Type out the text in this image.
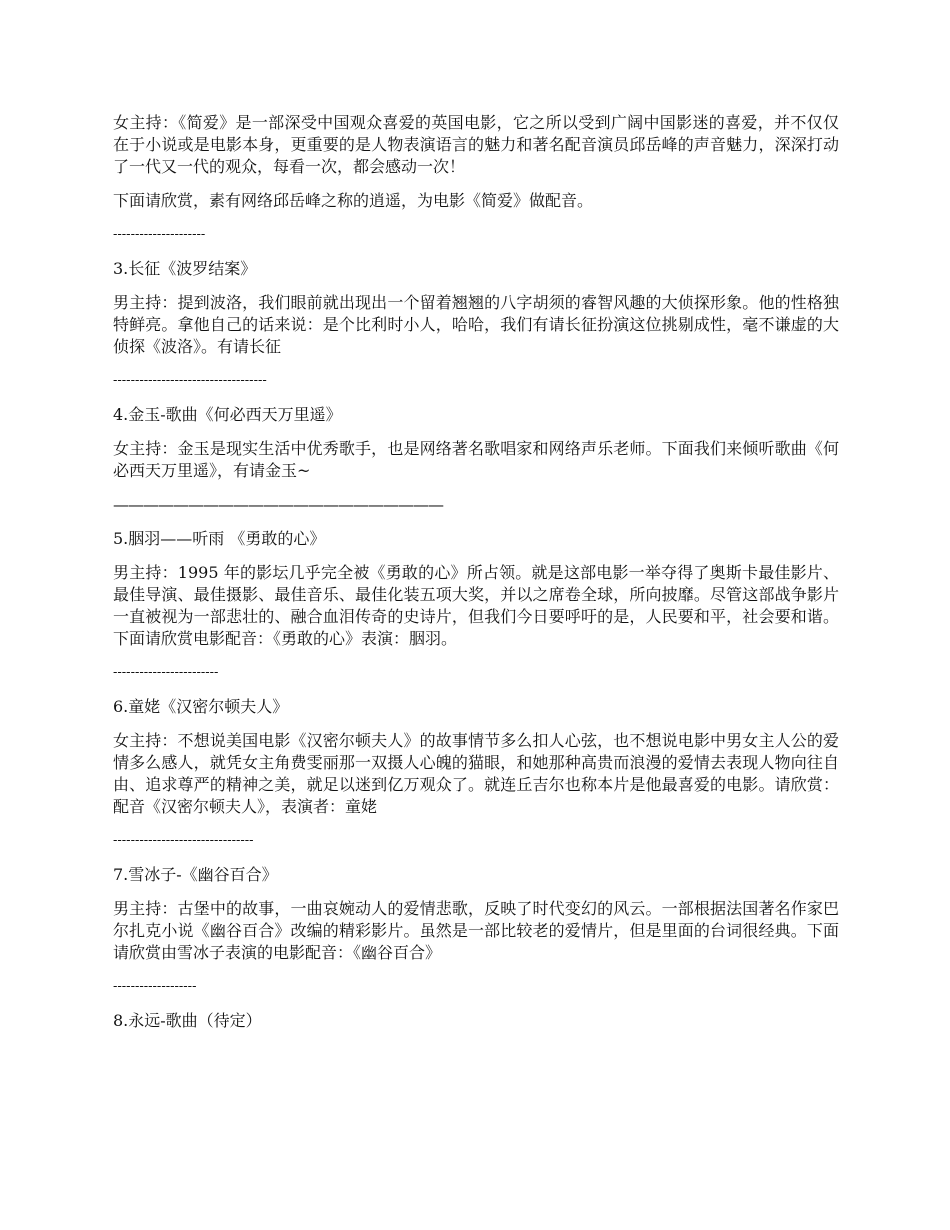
女主持：《简爱》是一部深受中国观众喜爱的英国电影，它之所以受到广阔中国影迷的喜爱，并不仅仅在于小说或是电影本身，更重要的是人物表演语言的魅力和著名配音演员邱岳峰的声音魅力，深深打动了一代又一代的观众，每看一次，都会感动一次！

下面请欣赏，素有网络邱岳峰之称的逍遥，为电影《简爱》做配音。

---------------------

3.长征《波罗结案》

男主持：提到波洛，我们眼前就出现出一个留着翘翘的八字胡须的睿智风趣的大侦探形象。他的性格独特鲜亮。拿他自己的话来说：是个比利时小人，哈哈，我们有请长征扮演这位挑剔成性，毫不谦虚的大侦探《波洛》。有请长征

-----------------------------------

4.金玉-歌曲《何必西天万里遥》

女主持：金玉是现实生活中优秀歌手，也是网络著名歌唱家和网络声乐老师。下面我们来倾听歌曲《何必西天万里遥》，有请金玉~

——————————————————————

5.胭羽——听雨 《勇敢的心》

男主持：1995 年的影坛几乎完全被《勇敢的心》所占领。就是这部电影一举夺得了奥斯卡最佳影片、最佳导演、最佳摄影、最佳音乐、最佳化装五项大奖，并以之席卷全球，所向披靡。尽管这部战争影片一直被视为一部悲壮的、融合血泪传奇的史诗片，但我们今日要呼吁的是，人民要和平，社会要和谐。下面请欣赏电影配音：《勇敢的心》表演：胭羽。

------------------------

6.童姥《汉密尔顿夫人》

女主持：不想说美国电影《汉密尔顿夫人》的故事情节多么扣人心弦，也不想说电影中男女主人公的爱情多么感人，就凭女主角费雯丽那一双摄人心魄的猫眼，和她那种高贵而浪漫的爱情去表现人物向往自由、追求尊严的精神之美，就足以迷到亿万观众了。就连丘吉尔也称本片是他最喜爱的电影。请欣赏：配音《汉密尔顿夫人》，表演者：童姥

--------------------------------

7.雪冰子-《幽谷百合》

男主持：古堡中的故事，一曲哀婉动人的爱情悲歌，反映了时代变幻的风云。一部根据法国著名作家巴尔扎克小说《幽谷百合》改编的精彩影片。虽然是一部比较老的爱情片，但是里面的台词很经典。下面请欣赏由雪冰子表演的电影配音：《幽谷百合》

-------------------

8.永远-歌曲（待定）
